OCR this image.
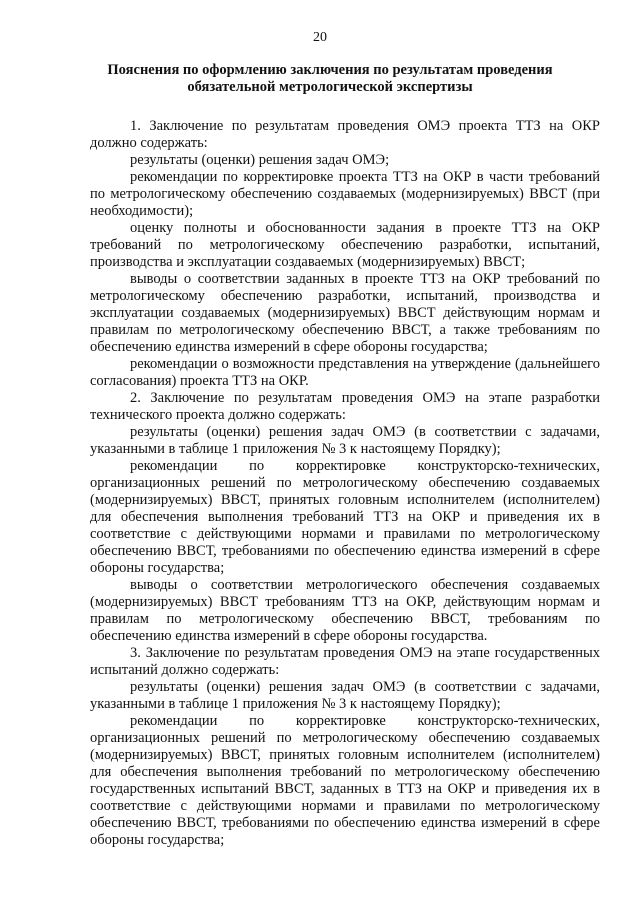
20
Пояснения по оформлению заключения по результатам проведения обязательной метрологической экспертизы

1. Заключение по результатам проведения ОМЭ проекта ТТЗ на ОКР должно содержать:

результаты (оценки) решения задач ОМЭ;

рекомендации по корректировке проекта ТТЗ на ОКР в части требований по метрологическому обеспечению создаваемых (модернизируемых) ВВСТ (при необходимости);

оценку полноты и обоснованности задания в проекте ТТЗ на ОКР требований по метрологическому обеспечению разработки, испытаний, производства и эксплуатации создаваемых (модернизируемых) ВВСТ;

выводы о соответствии заданных в проекте ТТЗ на ОКР требований по метрологическому обеспечению разработки, испытаний, производства и эксплуатации создаваемых (модернизируемых) ВВСТ действующим нормам и правилам по метрологическому обеспечению ВВСТ, а также требованиям по обеспечению единства измерений в сфере обороны государства;

рекомендации о возможности представления на утверждение (дальнейшего согласования) проекта ТТЗ на ОКР.

2. Заключение по результатам проведения ОМЭ на этапе разработки технического проекта должно содержать:

результаты (оценки) решения задач ОМЭ (в соответствии с задачами, указанными в таблице 1 приложения № 3 к настоящему Порядку);

рекомендации по корректировке конструкторско-технических, организационных решений по метрологическому обеспечению создаваемых (модернизируемых) ВВСТ, принятых головным исполнителем (исполнителем) для обеспечения выполнения требований ТТЗ на ОКР и приведения их в соответствие с действующими нормами и правилами по метрологическому обеспечению ВВСТ, требованиями по обеспечению единства измерений в сфере обороны государства;

выводы о соответствии метрологического обеспечения создаваемых (модернизируемых) ВВСТ требованиям ТТЗ на ОКР, действующим нормам и правилам по метрологическому обеспечению ВВСТ, требованиям по обеспечению единства измерений в сфере обороны государства.

3. Заключение по результатам проведения ОМЭ на этапе государственных испытаний должно содержать:

результаты (оценки) решения задач ОМЭ (в соответствии с задачами, указанными в таблице 1 приложения № 3 к настоящему Порядку);

рекомендации по корректировке конструкторско-технических, организационных решений по метрологическому обеспечению создаваемых (модернизируемых) ВВСТ, принятых головным исполнителем (исполнителем) для обеспечения выполнения требований по метрологическому обеспечению государственных испытаний ВВСТ, заданных в ТТЗ на ОКР и приведения их в соответствие с действующими нормами и правилами по метрологическому обеспечению ВВСТ, требованиями по обеспечению единства измерений в сфере обороны государства;
